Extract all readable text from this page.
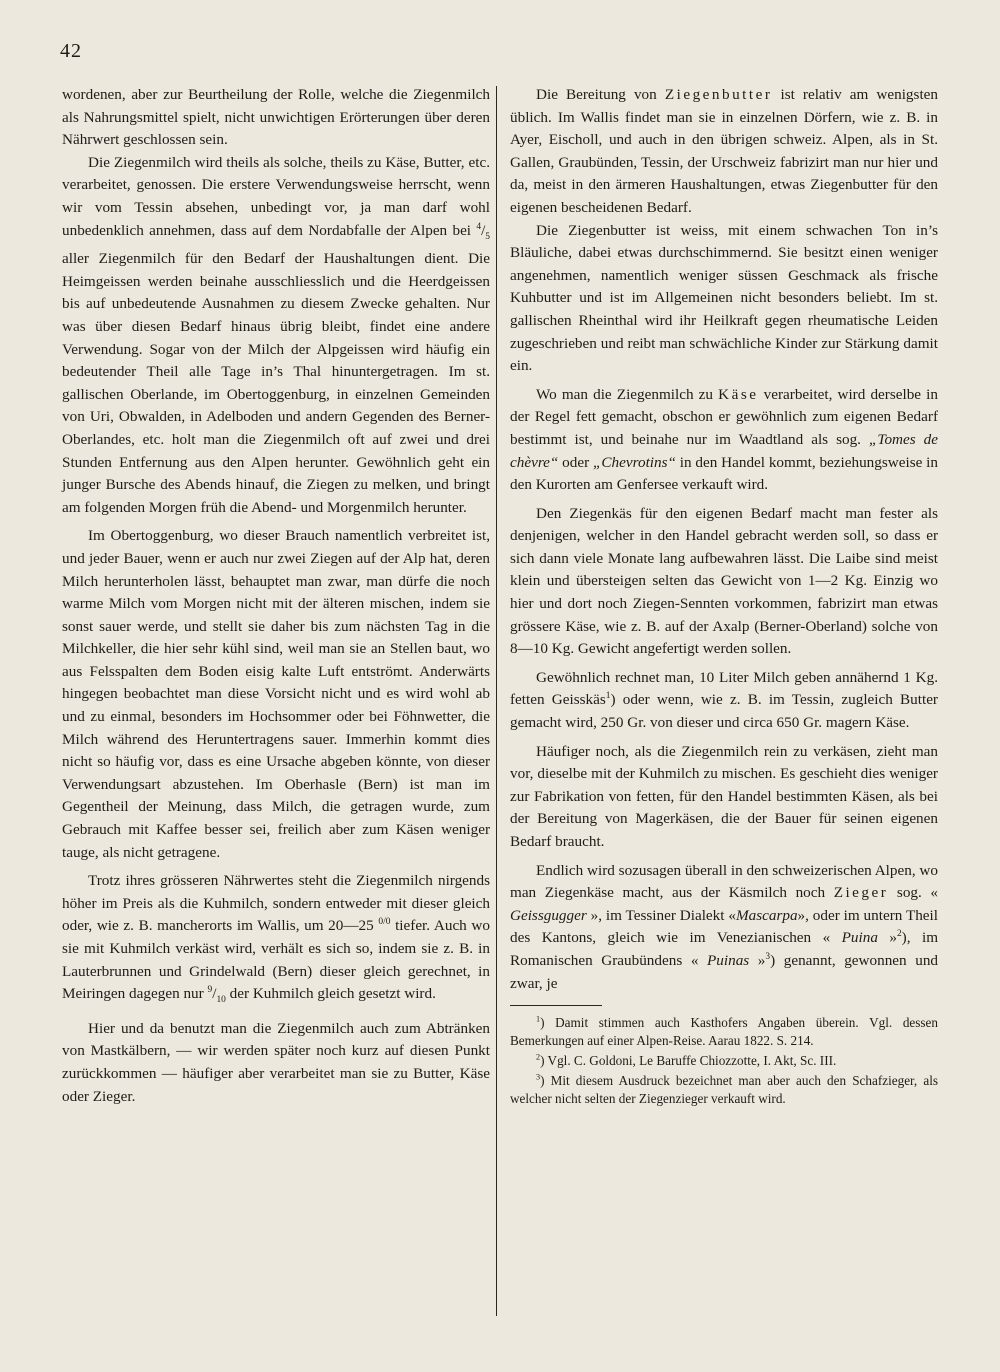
42

wordenen, aber zur Beurtheilung der Rolle, welche die Ziegenmilch als Nahrungsmittel spielt, nicht unwichtigen Erörterungen über deren Nährwert geschlossen sein.

Die Ziegenmilch wird theils als solche, theils zu Käse, Butter, etc. verarbeitet, genossen. Die erstere Verwendungsweise herrscht, wenn wir vom Tessin absehen, unbedingt vor, ja man darf wohl unbedenklich annehmen, dass auf dem Nordabfalle der Alpen bei $^4/_5$ aller Ziegenmilch für den Bedarf der Haushaltungen dient. Die Heimgeissen werden beinahe ausschliesslich und die Heerdgeissen bis auf unbedeutende Ausnahmen zu diesem Zwecke gehalten. Nur was über diesen Bedarf hinaus übrig bleibt, findet eine andere Verwendung. Sogar von der Milch der Alpgeissen wird häufig ein bedeutender Theil alle Tage in’s Thal hinuntergetragen. Im st. gallischen Oberlande, im Obertoggenburg, in einzelnen Gemeinden von Uri, Obwalden, in Adelboden und andern Gegenden des Berner-Oberlandes, etc. holt man die Ziegenmilch oft auf zwei und drei Stunden Entfernung aus den Alpen herunter. Gewöhnlich geht ein junger Bursche des Abends hinauf, die Ziegen zu melken, und bringt am folgenden Morgen früh die Abend- und Morgenmilch herunter.

Im Obertoggenburg, wo dieser Brauch namentlich verbreitet ist, und jeder Bauer, wenn er auch nur zwei Ziegen auf der Alp hat, deren Milch herunterholen lässt, behauptet man zwar, man dürfe die noch warme Milch vom Morgen nicht mit der älteren mischen, indem sie sonst sauer werde, und stellt sie daher bis zum nächsten Tag in die Milchkeller, die hier sehr kühl sind, weil man sie an Stellen baut, wo aus Felsspalten dem Boden eisig kalte Luft entströmt. Anderwärts hingegen beobachtet man diese Vorsicht nicht und es wird wohl ab und zu einmal, besonders im Hochsommer oder bei Föhnwetter, die Milch während des Heruntertragens sauer. Immerhin kommt dies nicht so häufig vor, dass es eine Ursache abgeben könnte, von dieser Verwendungsart abzustehen. Im Oberhasle (Bern) ist man im Gegentheil der Meinung, dass Milch, die getragen wurde, zum Gebrauch mit Kaffee besser sei, freilich aber zum Käsen weniger tauge, als nicht getragene.

Trotz ihres grösseren Nährwertes steht die Ziegenmilch nirgends höher im Preis als die Kuhmilch, sondern entweder mit dieser gleich oder, wie z. B. mancherorts im Wallis, um 20—25 $^{0/0}$ tiefer. Auch wo sie mit Kuhmilch verkäst wird, verhält es sich so, indem sie z. B. in Lauterbrunnen und Grindelwald (Bern) dieser gleich gerechnet, in Meiringen dagegen nur $^9/_{10}$ der Kuhmilch gleich gesetzt wird.

Hier und da benutzt man die Ziegenmilch auch zum Abtränken von Mastkälbern, — wir werden später noch kurz auf diesen Punkt zurückkommen — häufiger aber verarbeitet man sie zu Butter, Käse oder Zieger.

Die Bereitung von Ziegenbutter ist relativ am wenigsten üblich. Im Wallis findet man sie in einzelnen Dörfern, wie z. B. in Ayer, Eischoll, und auch in den übrigen schweiz. Alpen, als in St. Gallen, Graubünden, Tessin, der Urschweiz fabrizirt man nur hier und da, meist in den ärmeren Haushaltungen, etwas Ziegenbutter für den eigenen bescheidenen Bedarf.

Die Ziegenbutter ist weiss, mit einem schwachen Ton in’s Bläuliche, dabei etwas durchschimmernd. Sie besitzt einen weniger angenehmen, namentlich weniger süssen Geschmack als frische Kuhbutter und ist im Allgemeinen nicht besonders beliebt. Im st. gallischen Rheinthal wird ihr Heilkraft gegen rheumatische Leiden zugeschrieben und reibt man schwächliche Kinder zur Stärkung damit ein.

Wo man die Ziegenmilch zu Käse verarbeitet, wird derselbe in der Regel fett gemacht, obschon er gewöhnlich zum eigenen Bedarf bestimmt ist, und beinahe nur im Waadtland als sog. „Tomes de chèvre“ oder „Chevrotins“ in den Handel kommt, beziehungsweise in den Kurorten am Genfersee verkauft wird.

Den Ziegenkäs für den eigenen Bedarf macht man fester als denjenigen, welcher in den Handel gebracht werden soll, so dass er sich dann viele Monate lang aufbewahren lässt. Die Laibe sind meist klein und übersteigen selten das Gewicht von 1—2 Kg. Einzig wo hier und dort noch Ziegen-Sennten vorkommen, fabrizirt man etwas grössere Käse, wie z. B. auf der Axalp (Berner-Oberland) solche von 8—10 Kg. Gewicht angefertigt werden sollen.

Gewöhnlich rechnet man, 10 Liter Milch geben annähernd 1 Kg. fetten Geisskäs$^1$) oder wenn, wie z. B. im Tessin, zugleich Butter gemacht wird, 250 Gr. von dieser und circa 650 Gr. magern Käse.

Häufiger noch, als die Ziegenmilch rein zu verkäsen, zieht man vor, dieselbe mit der Kuhmilch zu mischen. Es geschieht dies weniger zur Fabrikation von fetten, für den Handel bestimmten Käsen, als bei der Bereitung von Magerkäsen, die der Bauer für seinen eigenen Bedarf braucht.

Endlich wird sozusagen überall in den schweizerischen Alpen, wo man Ziegenkäse macht, aus der Käsmilch noch Zieger sog. « Geissgugger », im Tessiner Dialekt «Mascarpa», oder im untern Theil des Kantons, gleich wie im Venezianischen « Puina »$^2$), im Romanischen Graubündens « Puinas »$^3$) genannt, gewonnen und zwar, je

$^1$) Damit stimmen auch Kasthofers Angaben überein. Vgl. dessen Bemerkungen auf einer Alpen-Reise. Aarau 1822. S. 214.

$^2$) Vgl. C. Goldoni, Le Baruffe Chiozzotte, I. Akt, Sc. III.

$^3$) Mit diesem Ausdruck bezeichnet man aber auch den Schafzieger, als welcher nicht selten der Ziegenzieger verkauft wird.
